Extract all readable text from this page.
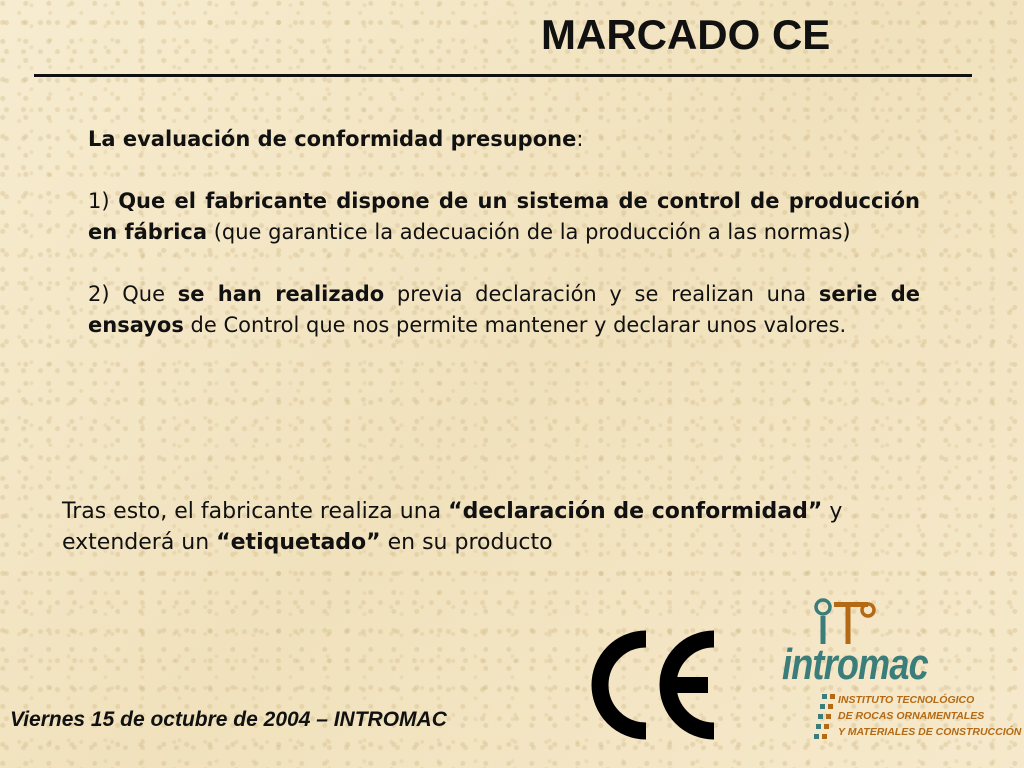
MARCADO CE

La evaluación de conformidad presupone:

1) Que el fabricante dispone de un sistema de control de producción en fábrica (que garantice la adecuación de la producción a las normas)

2) Que se han realizado previa declaración y se realizan una serie de ensayos de Control que nos permite mantener y declarar unos valores.

Tras esto, el fabricante realiza una “declaración de conformidad” y extenderá un “etiquetado” en su producto

Viernes 15 de octubre de 2004 – INTROMAC
intromac
INSTITUTO TECNOLÓGICO
DE ROCAS ORNAMENTALES
Y MATERIALES DE CONSTRUCCIÓN
